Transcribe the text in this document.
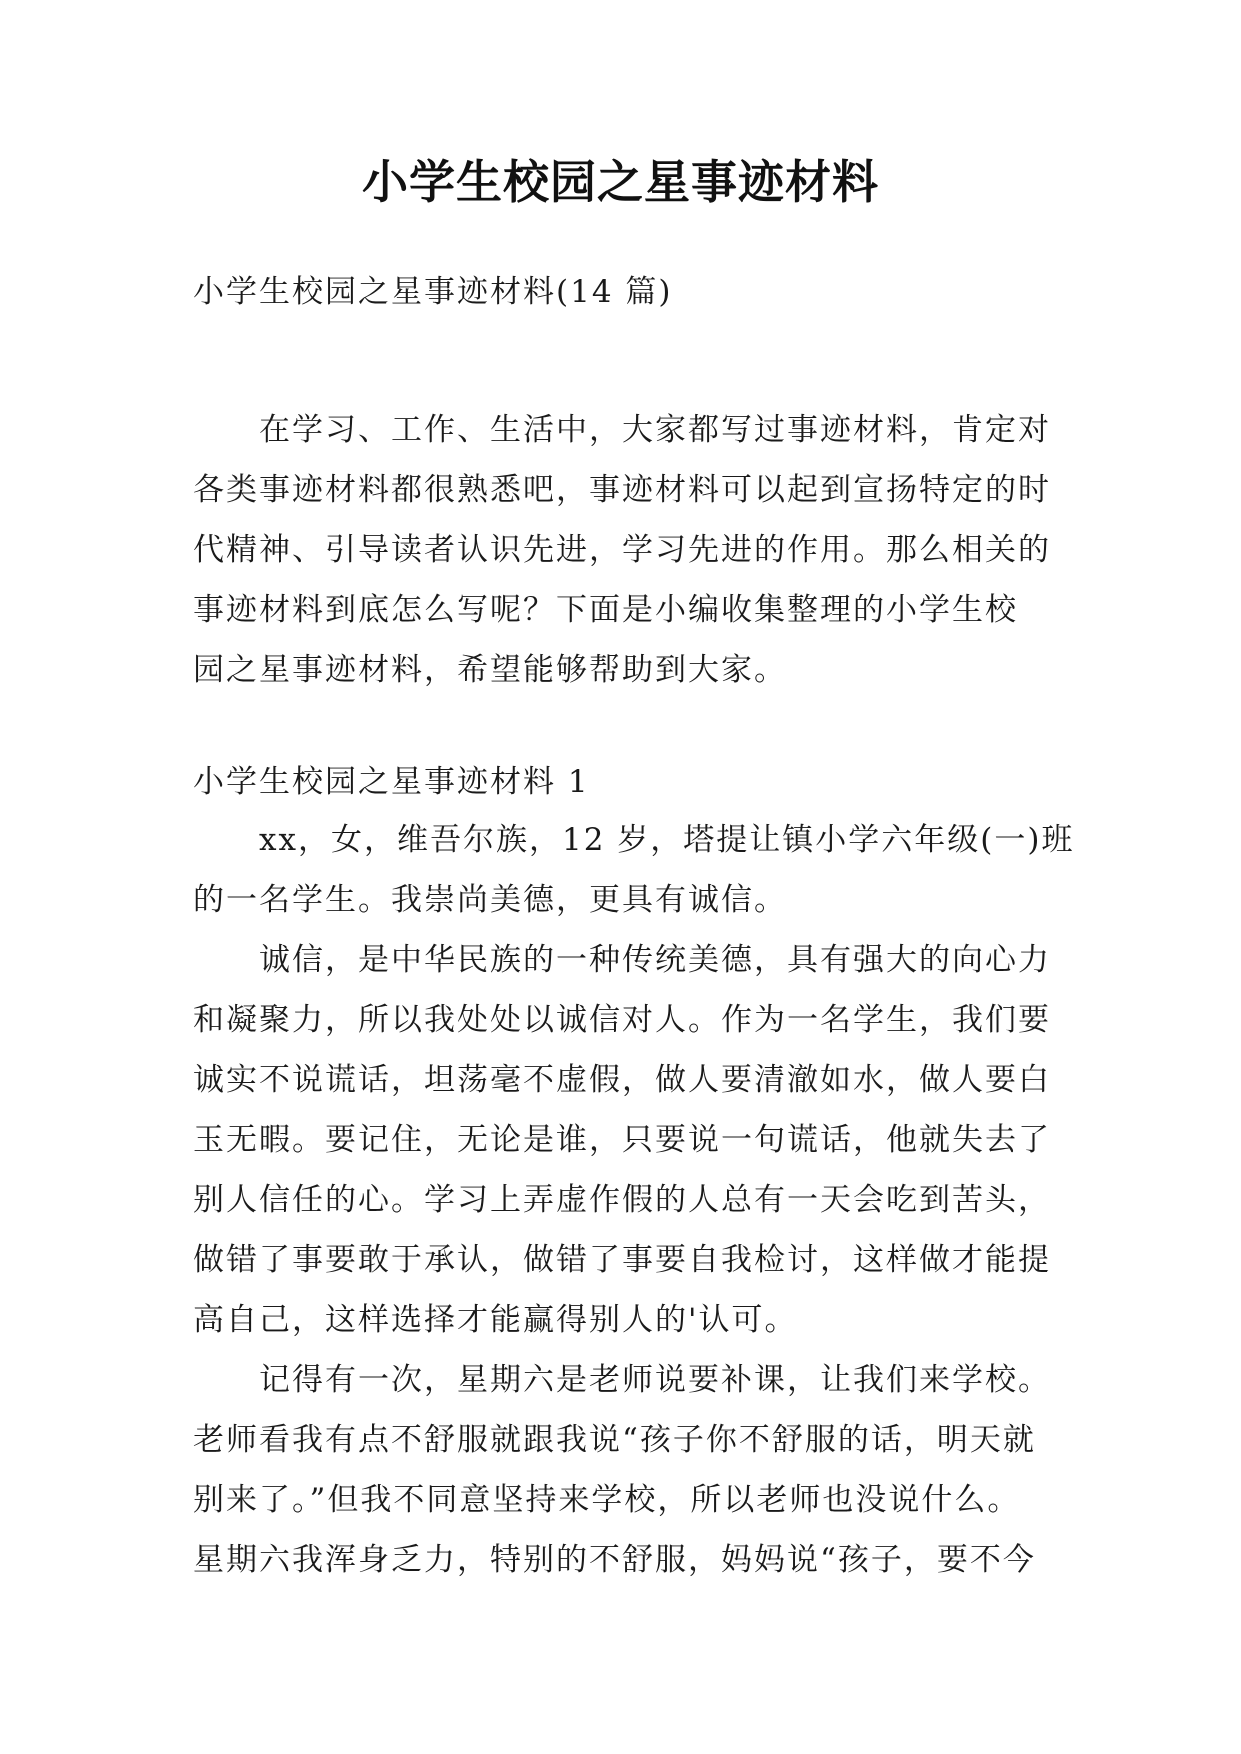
小学生校园之星事迹材料
小学生校园之星事迹材料(14 篇)
　　在学习、工作、生活中，大家都写过事迹材料，肯定对
各类事迹材料都很熟悉吧，事迹材料可以起到宣扬特定的时
代精神、引导读者认识先进，学习先进的作用。那么相关的
事迹材料到底怎么写呢？下面是小编收集整理的小学生校
园之星事迹材料，希望能够帮助到大家。
小学生校园之星事迹材料 1
　　xx，女，维吾尔族，12 岁，塔提让镇小学六年级(一)班
的一名学生。我崇尚美德，更具有诚信。
　　诚信，是中华民族的一种传统美德，具有强大的向心力
和凝聚力，所以我处处以诚信对人。作为一名学生，我们要
诚实不说谎话，坦荡毫不虚假，做人要清澈如水，做人要白
玉无暇。要记住，无论是谁，只要说一句谎话，他就失去了
别人信任的心。学习上弄虚作假的人总有一天会吃到苦头，
做错了事要敢于承认，做错了事要自我检讨，这样做才能提
高自己，这样选择才能赢得别人的'认可。
　　记得有一次，星期六是老师说要补课，让我们来学校。
老师看我有点不舒服就跟我说“孩子你不舒服的话，明天就
别来了。”但我不同意坚持来学校，所以老师也没说什么。
星期六我浑身乏力，特别的不舒服，妈妈说“孩子，要不今
